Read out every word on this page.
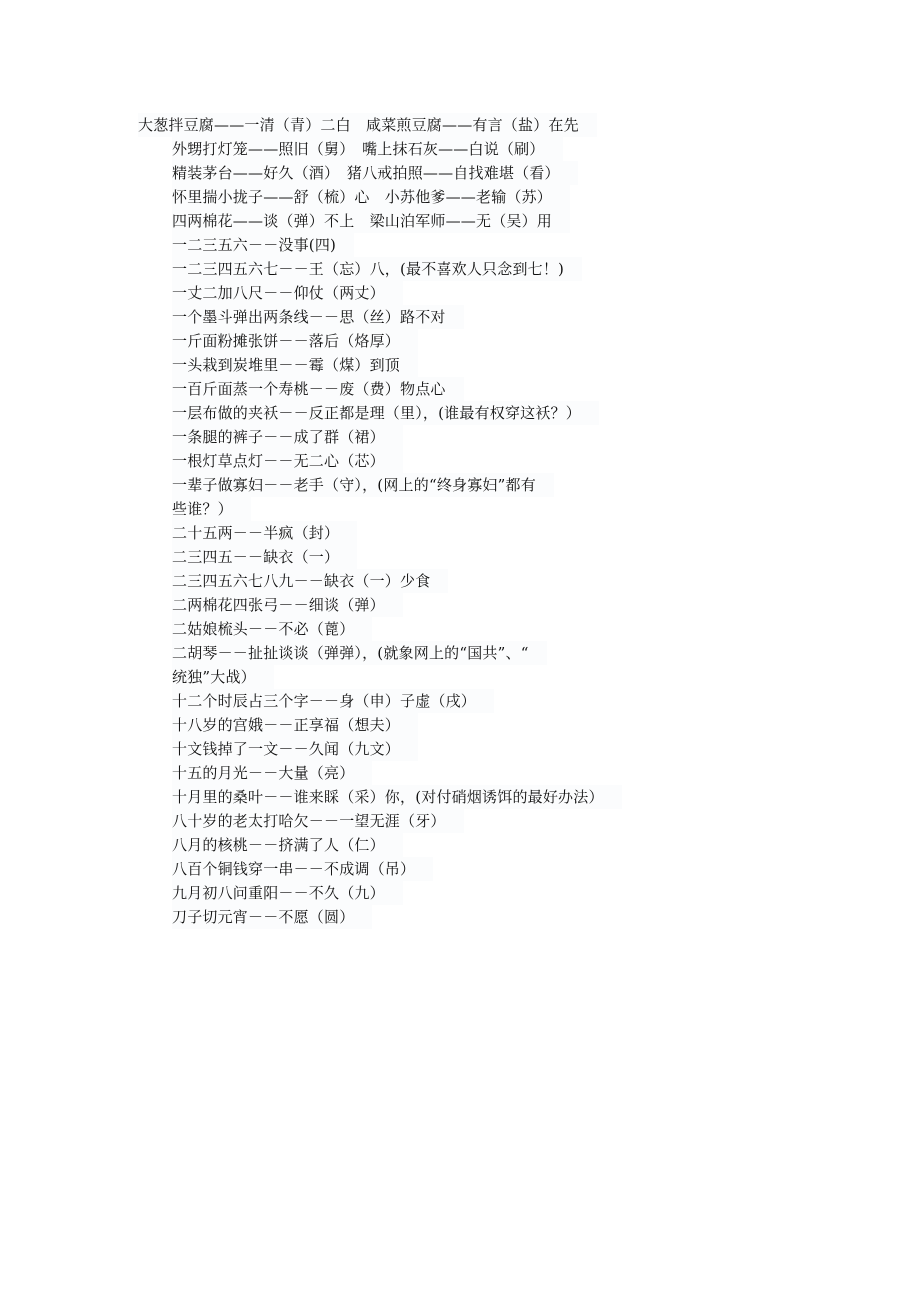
大葱拌豆腐——一清（青）二白　咸菜煎豆腐——有言（盐）在先
外甥打灯笼——照旧（舅）　嘴上抹石灰——白说（刷）
精装茅台——好久（酒）　猪八戒拍照——自找难堪（看）
怀里揣小拢子——舒（梳）心　小苏他爹——老输（苏）
四两棉花——谈（弹）不上　梁山泊军师——无（吴）用
一二三五六－－没事(四)
一二三四五六七－－王（忘）八，(最不喜欢人只念到七！)
一丈二加八尺－－仰仗（两丈）
一个墨斗弹出两条线－－思（丝）路不对
一斤面粉摊张饼－－落后（烙厚）
一头栽到炭堆里－－霉（煤）到顶
一百斤面蒸一个寿桃－－废（费）物点心
一层布做的夹袄－－反正都是理（里），(谁最有权穿这袄？）
一条腿的裤子－－成了群（裙）
一根灯草点灯－－无二心（芯）
一辈子做寡妇－－老手（守），(网上的“终身寡妇”都有
些谁？）
二十五两－－半疯（封）
二三四五－－缺衣（一）
二三四五六七八九－－缺衣（一）少食
二两棉花四张弓－－细谈（弹）
二姑娘梳头－－不必（蓖）
二胡琴－－扯扯谈谈（弹弹），(就象网上的“国共”、“
统独”大战）
十二个时辰占三个字－－身（申）子虚（戌）
十八岁的宫娥－－正享福（想夫）
十文钱掉了一文－－久闻（九文）
十五的月光－－大量（亮）
十月里的桑叶－－谁来睬（采）你，(对付硝烟诱饵的最好办法）
八十岁的老太打哈欠－－一望无涯（牙）
八月的核桃－－挤满了人（仁）
八百个铜钱穿一串－－不成调（吊）
九月初八问重阳－－不久（九）
刀子切元宵－－不愿（圆）
